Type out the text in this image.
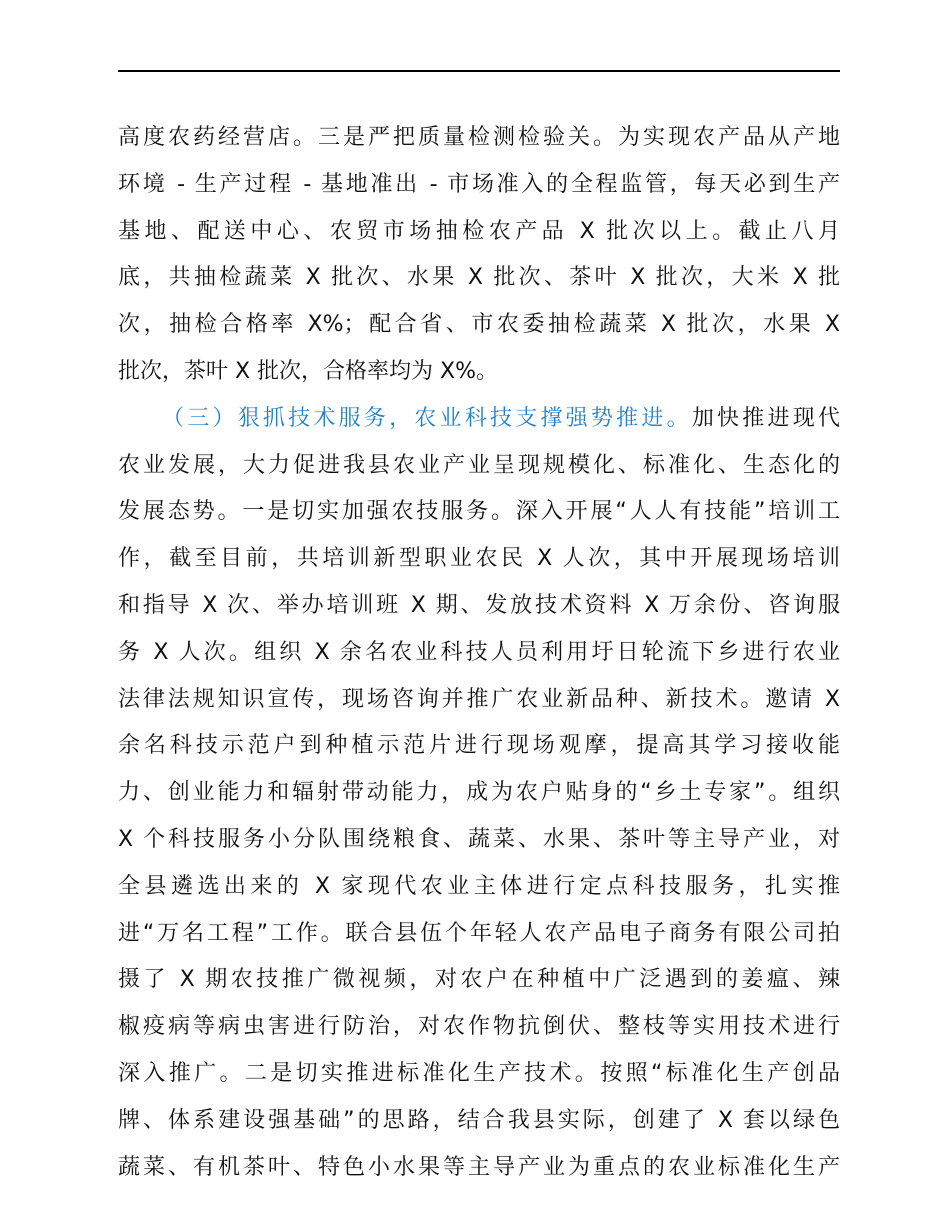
高度农药经营店。三是严把质量检测检验关。为实现农产品从产地
环境 - 生产过程 - 基地准出 - 市场准入的全程监管，每天必到生产
基地、配送中心、农贸市场抽检农产品 X 批次以上。截止八月
底，共抽检蔬菜 X 批次、水果 X 批次、茶叶 X 批次，大米 X 批
次，抽检合格率 X%；配合省、市农委抽检蔬菜 X 批次，水果 X
批次，茶叶 X 批次，合格率均为 X%。
（三）狠抓技术服务，农业科技支撑强势推进。加快推进现代
农业发展，大力促进我县农业产业呈现规模化、标准化、生态化的
发展态势。一是切实加强农技服务。深入开展“人人有技能”培训工
作，截至目前，共培训新型职业农民 X 人次，其中开展现场培训
和指导 X 次、举办培训班 X 期、发放技术资料 X 万余份、咨询服
务 X 人次。组织 X 余名农业科技人员利用圩日轮流下乡进行农业
法律法规知识宣传，现场咨询并推广农业新品种、新技术。邀请 X
余名科技示范户到种植示范片进行现场观摩，提高其学习接收能
力、创业能力和辐射带动能力，成为农户贴身的“乡土专家”。组织
X 个科技服务小分队围绕粮食、蔬菜、水果、茶叶等主导产业，对
全县遴选出来的 X 家现代农业主体进行定点科技服务，扎实推
进“万名工程”工作。联合县伍个年轻人农产品电子商务有限公司拍
摄了 X 期农技推广微视频，对农户在种植中广泛遇到的姜瘟、辣
椒疫病等病虫害进行防治，对农作物抗倒伏、整枝等实用技术进行
深入推广。二是切实推进标准化生产技术。按照“标准化生产创品
牌、体系建设强基础”的思路，结合我县实际，创建了 X 套以绿色
蔬菜、有机茶叶、特色小水果等主导产业为重点的农业标准化生产
